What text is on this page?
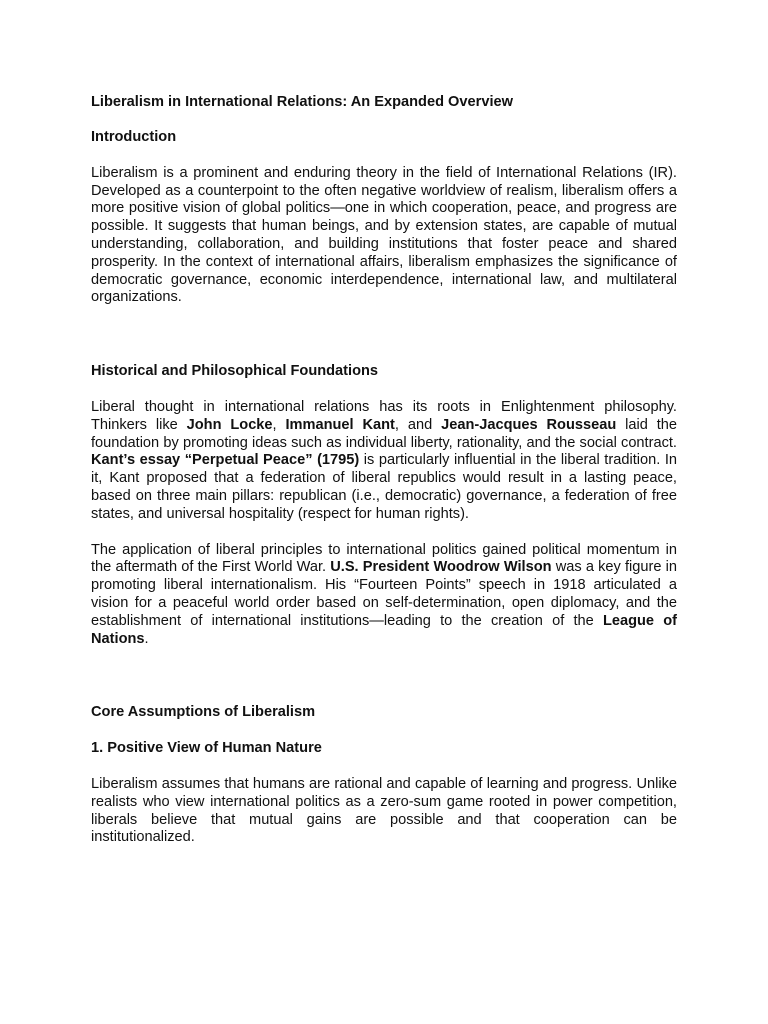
Liberalism in International Relations: An Expanded Overview

Introduction

Liberalism is a prominent and enduring theory in the field of International Relations (IR). Developed as a counterpoint to the often negative worldview of realism, liberalism offers a more positive vision of global politics—one in which cooperation, peace, and progress are possible. It suggests that human beings, and by extension states, are capable of mutual understanding, collaboration, and building institutions that foster peace and shared prosperity. In the context of international affairs, liberalism emphasizes the significance of democratic governance, economic interdependence, international law, and multilateral organizations.

Historical and Philosophical Foundations

Liberal thought in international relations has its roots in Enlightenment philosophy. Thinkers like John Locke, Immanuel Kant, and Jean-Jacques Rousseau laid the foundation by promoting ideas such as individual liberty, rationality, and the social contract. Kant’s essay “Perpetual Peace” (1795) is particularly influential in the liberal tradition. In it, Kant proposed that a federation of liberal republics would result in a lasting peace, based on three main pillars: republican (i.e., democratic) governance, a federation of free states, and universal hospitality (respect for human rights).

The application of liberal principles to international politics gained political momentum in the aftermath of the First World War. U.S. President Woodrow Wilson was a key figure in promoting liberal internationalism. His “Fourteen Points” speech in 1918 articulated a vision for a peaceful world order based on self-determination, open diplomacy, and the establishment of international institutions—leading to the creation of the League of Nations.

Core Assumptions of Liberalism

1. Positive View of Human Nature

Liberalism assumes that humans are rational and capable of learning and progress. Unlike realists who view international politics as a zero-sum game rooted in power competition, liberals believe that mutual gains are possible and that cooperation can be institutionalized.
